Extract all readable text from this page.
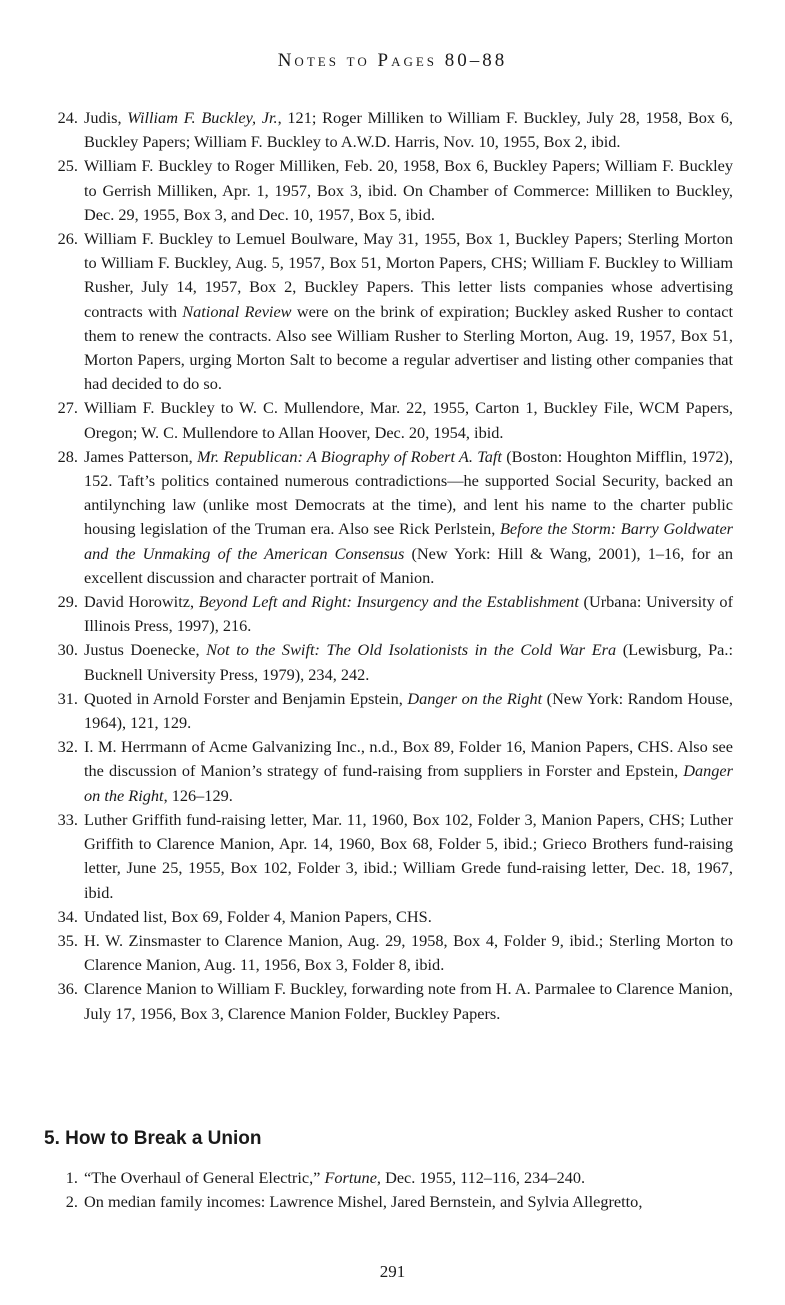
Notes to Pages 80–88
24. Judis, William F. Buckley, Jr., 121; Roger Milliken to William F. Buckley, July 28, 1958, Box 6, Buckley Papers; William F. Buckley to A.W.D. Harris, Nov. 10, 1955, Box 2, ibid.
25. William F. Buckley to Roger Milliken, Feb. 20, 1958, Box 6, Buckley Papers; William F. Buckley to Gerrish Milliken, Apr. 1, 1957, Box 3, ibid. On Chamber of Commerce: Milliken to Buckley, Dec. 29, 1955, Box 3, and Dec. 10, 1957, Box 5, ibid.
26. William F. Buckley to Lemuel Boulware, May 31, 1955, Box 1, Buckley Papers; Sterling Morton to William F. Buckley, Aug. 5, 1957, Box 51, Morton Papers, CHS; William F. Buckley to William Rusher, July 14, 1957, Box 2, Buckley Papers. This letter lists companies whose advertising contracts with National Review were on the brink of expiration; Buckley asked Rusher to contact them to renew the contracts. Also see William Rusher to Sterling Morton, Aug. 19, 1957, Box 51, Morton Papers, urging Morton Salt to become a regular advertiser and listing other companies that had decided to do so.
27. William F. Buckley to W. C. Mullendore, Mar. 22, 1955, Carton 1, Buckley File, WCM Papers, Oregon; W. C. Mullendore to Allan Hoover, Dec. 20, 1954, ibid.
28. James Patterson, Mr. Republican: A Biography of Robert A. Taft (Boston: Houghton Mifflin, 1972), 152. Taft’s politics contained numerous contradictions—he supported Social Security, backed an antilynching law (unlike most Democrats at the time), and lent his name to the charter public housing legislation of the Truman era. Also see Rick Perlstein, Before the Storm: Barry Goldwater and the Unmaking of the American Consensus (New York: Hill & Wang, 2001), 1–16, for an excellent discussion and character portrait of Manion.
29. David Horowitz, Beyond Left and Right: Insurgency and the Establishment (Urbana: University of Illinois Press, 1997), 216.
30. Justus Doenecke, Not to the Swift: The Old Isolationists in the Cold War Era (Lewisburg, Pa.: Bucknell University Press, 1979), 234, 242.
31. Quoted in Arnold Forster and Benjamin Epstein, Danger on the Right (New York: Random House, 1964), 121, 129.
32. I. M. Herrmann of Acme Galvanizing Inc., n.d., Box 89, Folder 16, Manion Papers, CHS. Also see the discussion of Manion’s strategy of fund-raising from suppliers in Forster and Epstein, Danger on the Right, 126–129.
33. Luther Griffith fund-raising letter, Mar. 11, 1960, Box 102, Folder 3, Manion Papers, CHS; Luther Griffith to Clarence Manion, Apr. 14, 1960, Box 68, Folder 5, ibid.; Grieco Brothers fund-raising letter, June 25, 1955, Box 102, Folder 3, ibid.; William Grede fund-raising letter, Dec. 18, 1967, ibid.
34. Undated list, Box 69, Folder 4, Manion Papers, CHS.
35. H. W. Zinsmaster to Clarence Manion, Aug. 29, 1958, Box 4, Folder 9, ibid.; Sterling Morton to Clarence Manion, Aug. 11, 1956, Box 3, Folder 8, ibid.
36. Clarence Manion to William F. Buckley, forwarding note from H. A. Parmalee to Clarence Manion, July 17, 1956, Box 3, Clarence Manion Folder, Buckley Papers.
5. How to Break a Union
1. “The Overhaul of General Electric,” Fortune, Dec. 1955, 112–116, 234–240.
2. On median family incomes: Lawrence Mishel, Jared Bernstein, and Sylvia Allegretto,
291
